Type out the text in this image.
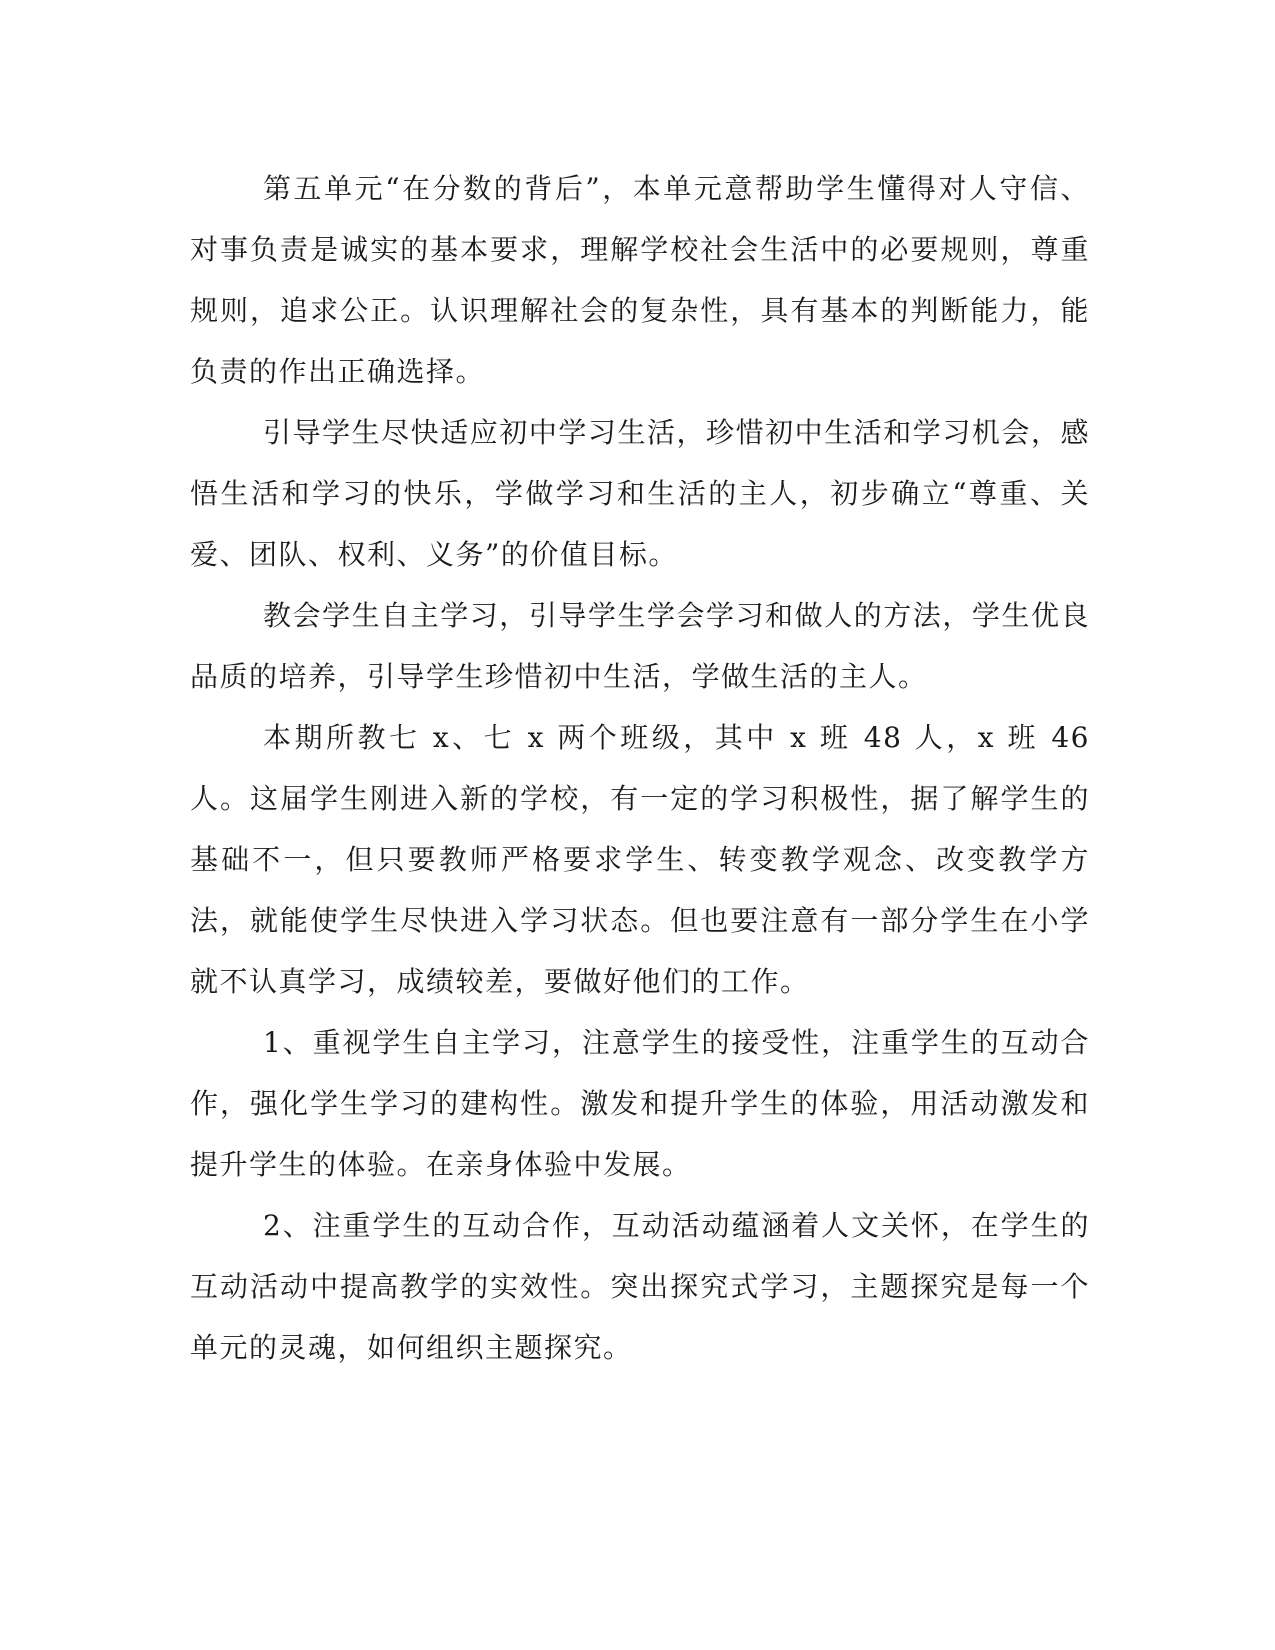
第五单元“在分数的背后”，本单元意帮助学生懂得对人守信、对事负责是诚实的基本要求，理解学校社会生活中的必要规则，尊重规则，追求公正。认识理解社会的复杂性，具有基本的判断能力，能负责的作出正确选择。

引导学生尽快适应初中学习生活，珍惜初中生活和学习机会，感悟生活和学习的快乐，学做学习和生活的主人，初步确立“尊重、关爱、团队、权利、义务”的价值目标。

教会学生自主学习，引导学生学会学习和做人的方法，学生优良品质的培养，引导学生珍惜初中生活，学做生活的主人。

本期所教七 x、七 x 两个班级，其中 x 班 48 人，x 班 46 人。这届学生刚进入新的学校，有一定的学习积极性，据了解学生的基础不一，但只要教师严格要求学生、转变教学观念、改变教学方法，就能使学生尽快进入学习状态。但也要注意有一部分学生在小学就不认真学习，成绩较差，要做好他们的工作。

1、重视学生自主学习，注意学生的接受性，注重学生的互动合作，强化学生学习的建构性。激发和提升学生的体验，用活动激发和提升学生的体验。在亲身体验中发展。

2、注重学生的互动合作，互动活动蕴涵着人文关怀，在学生的互动活动中提高教学的实效性。突出探究式学习，主题探究是每一个单元的灵魂，如何组织主题探究。
